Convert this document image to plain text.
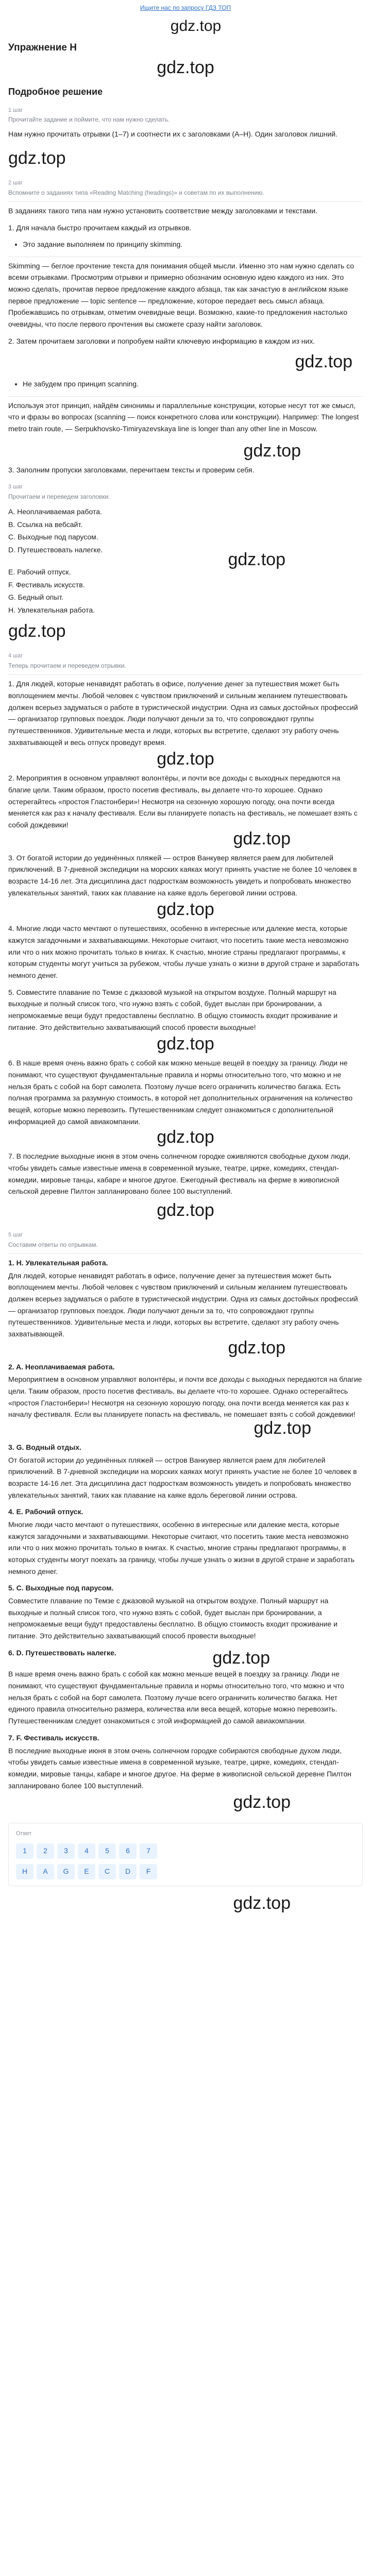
Ищите нас по запросу ГДЗ ТОП
gdz.top
Упражнение H
gdz.top
Подробное решение
1 шаг
Прочитайте задание и поймите, что нам нужно сделать.

Нам нужно прочитать отрывки (1–7) и соотнести их с заголовками (A–H). Один заголовок лишний.

gdz.top
2 шаг
Вспомните о заданиях типа «Reading Matching (headings)» и советам по их выполнению.

В заданиях такого типа нам нужно установить соответствие между заголовками и текстами.

1. Для начала быстро прочитаем каждый из отрывков.

• Это задание выполняем по принципу skimming.

Skimming — беглое прочтение текста для понимания общей мысли. Именно это нам нужно сделать со всеми отрывками. Просмотрим отрывки и примерно обозначим основную идею каждого из них. Это можно сделать, прочитав первое предложение каждого абзаца, так как зачастую в английском языке первое предложение — topic sentence — предложение, которое передает весь смысл абзаца. Пробежавшись по отрывкам, отметим очевидные вещи. Возможно, какие-то предложения настолько очевидны, что после первого прочтения вы сможете сразу найти заголовок.

2. Затем прочитаем заголовки и попробуем найти ключевую информацию в каждом из них.

gdz.top
• Не забудем про принцип scanning.

Используя этот принцип, найдём синонимы и параллельные конструкции, которые несут тот же смысл, что и фразы во вопросах (scanning — поиск конкретного слова или конструкции). Например: The longest metro train route, — Serpukhovsko-Timiryazevskaya line is longer than any other line in Moscow.

gdz.top

3. Заполним пропуски заголовками, перечитаем тексты и проверим себя.

3 шаг
Прочитаем и переведем заголовки.

A. Неоплачиваемая работа.

B. Ссылка на вебсайт.

C. Выходные под парусом.

D. Путешествовать налегке.

gdz.top

E. Рабочий отпуск.

F. Фестиваль искусств.

G. Бедный опыт.

H. Увлекательная работа.

gdz.top
4 шаг
Теперь прочитаем и переведем отрывки.

1. Для людей, которые ненавидят работать в офисе, получение денег за путешествия может быть воплощением мечты. Любой человек с чувством приключений и сильным желанием путешествовать должен всерьез задуматься о работе в туристической индустрии. Одна из самых достойных профессий — организатор групповых поездок. Люди получают деньги за то, что сопровождают группы путешественников. Удивительные места и люди, которых вы встретите, сделают эту работу очень захватывающей и весь отпуск проведут время.

gdz.top

2. Мероприятия в основном управляют волонтёры, и почти все доходы с выходных передаются на благие цели. Таким образом, просто посетив фестиваль, вы делаете что-то хорошее. Однако остерегайтесь «простоя Гластонбери»! Несмотря на сезонную хорошую погоду, она почти всегда меняется как раз к началу фестиваля. Если вы планируете попасть на фестиваль, не помешает взять с собой дождевики!

gdz.top

3. От богатой истории до уединённых пляжей — остров Ванкувер является раем для любителей приключений. В 7-дневной экспедиции на морских каяках могут принять участие не более 10 человек в возрасте 14-16 лет. Эта дисциплина даст подросткам возможность увидеть и попробовать множество увлекательных занятий, таких как плавание на каяке вдоль береговой линии острова.

gdz.top

4. Многие люди часто мечтают о путешествиях, особенно в интересные или далекие места, которые кажутся загадочными и захватывающими. Некоторые считают, что посетить такие места невозможно или что о них можно прочитать только в книгах. К счастью, многие страны предлагают программы, к которым студенты могут учиться за рубежом, чтобы лучше узнать о жизни в другой стране и заработать немного денег.

5. Совместите плавание по Темзе с джазовой музыкой на открытом воздухе. Полный маршрут на выходные и полный список того, что нужно взять с собой, будет выслан при бронировании, а непромокаемые вещи будут предоставлены бесплатно. В общую стоимость входит проживание и питание. Это действительно захватывающий способ провести выходные!

gdz.top

6. В наше время очень важно брать с собой как можно меньше вещей в поездку за границу. Люди не понимают, что существуют фундаментальные правила и нормы относительно того, что можно и не нельзя брать с собой на борт самолета. Поэтому лучше всего ограничить количество багажа. Есть полная программа за разумную стоимость, в которой нет дополнительных ограничения на количество вещей, которые можно перевозить. Путешественникам следует ознакомиться с дополнительной информацией до самой авиакомпании.

gdz.top

7. В последние выходные июня в этом очень солнечном городке оживляются свободные духом люди, чтобы увидеть самые известные имена в современной музыке, театре, цирке, комедиях, стендап-комедии, мировые танцы, кабаре и многое другое. Ежегодный фестиваль на ферме в живописной сельской деревне Пилтон запланировано более 100 выступлений.

gdz.top
5 шаг
Составим ответы по отрывкам.

1. H. Увлекательная работа.

Для людей, которые ненавидят работать в офисе, получение денег за путешествия может быть воплощением мечты. Любой человек с чувством приключений и сильным желанием путешествовать должен всерьез задуматься о работе в туристической индустрии. Одна из самых достойных профессий — организатор групповых поездок. Люди получают деньги за то, что сопровождают группы путешественников. Удивительные места и люди, которых вы встретите, сделают эту работу очень захватывающей.

gdz.top

2. A. Неоплачиваемая работа.

Мероприятием в основном управляют волонтёры, и почти все доходы с выходных передаются на благие цели. Таким образом, просто посетив фестиваль, вы делаете что-то хорошее. Однако остерегайтесь «простоя Гластонбери»! Несмотря на сезонную хорошую погоду, она почти всегда меняется как раз к началу фестиваля. Если вы планируете попасть на фестиваль, не помешает взять с собой дождевики!

gdz.top

3. G. Водный отдых.

От богатой истории до уединённых пляжей — остров Ванкувер является раем для любителей приключений. В 7-дневной экспедиции на морских каяках могут принять участие не более 10 человек в возрасте 14-16 лет. Эта дисциплина даст подросткам возможность увидеть и попробовать множество увлекательных занятий, таких как плавание на каяке вдоль береговой линии острова.

4. E. Рабочий отпуск.

Многие люди часто мечтают о путешествиях, особенно в интересные или далекие места, которые кажутся загадочными и захватывающими. Некоторые считают, что посетить такие места невозможно или что о них можно прочитать только в книгах. К счастью, многие страны предлагают программы, в которых студенты могут поехать за границу, чтобы лучше узнать о жизни в другой стране и заработать немного денег.

5. C. Выходные под парусом.

Совместите плавание по Темзе с джазовой музыкой на открытом воздухе. Полный маршрут на выходные и полный список того, что нужно взять с собой, будет выслан при бронировании, а непромокаемые вещи будут предоставлены бесплатно. В общую стоимость входит проживание и питание. Это действительно захватывающий способ провести выходные!

6. D. Путешествовать налегке.	gdz.top

В наше время очень важно брать с собой как можно меньше вещей в поездку за границу. Люди не понимают, что существуют фундаментальные правила и нормы относительно того, что можно и что нельзя брать с собой на борт самолета. Поэтому лучше всего ограничить количество багажа. Нет единого правила относительно размера, количества или веса вещей, которые можно перевозить. Путешественникам следует ознакомиться с этой информацией до самой авиакомпании.

7. F. Фестиваль искусств.

В последние выходные июня в этом очень солнечном городке собираются свободные духом люди, чтобы увидеть самые известные имена в современной музыке, театре, цирке, комедиях, стендап-комедии, мировые танцы, кабаре и многое другое. На ферме в живописной сельской деревне Пилтон запланировано более 100 выступлений.

gdz.top
Ответ
1	2	3	4	5	6	7
H	A	G	E	C	D	F
gdz.top
